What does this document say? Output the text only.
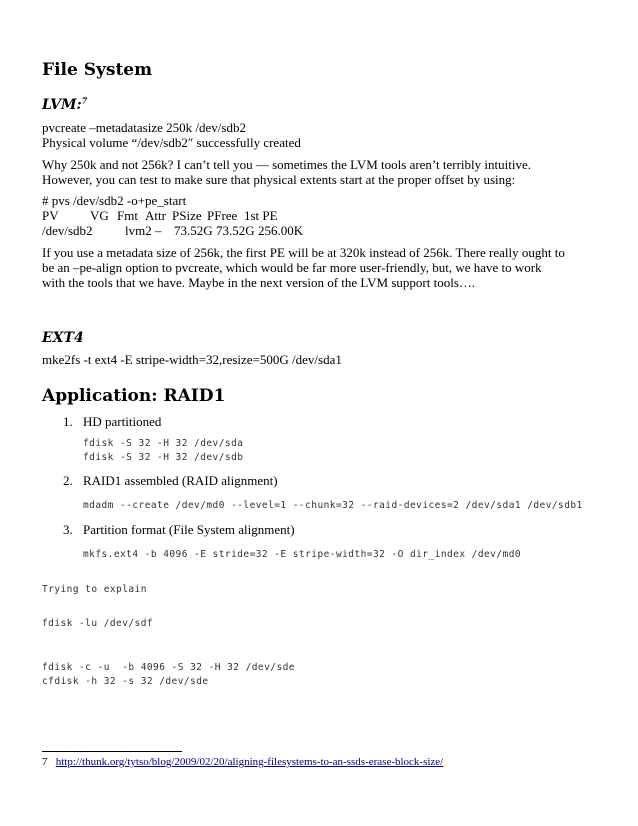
File System
LVM:$^7$
pvcreate –metadatasize 250k /dev/sdb2
Physical volume “/dev/sdb2″ successfully created
Why 250k and not 256k? I can’t tell you — sometimes the LVM tools aren’t terribly intuitive.
However, you can test to make sure that physical extents start at the proper offset by using:
# pvs /dev/sdb2 -o+pe_start
PV VG Fmt Attr PSize PFree 1st PE
/dev/sdb2 lvm2 – 73.52G 73.52G 256.00K
If you use a metadata size of 256k, the first PE will be at 320k instead of 256k. There really ought to
be an –pe-align option to pvcreate, which would be far more user-friendly, but, we have to work
with the tools that we have. Maybe in the next version of the LVM support tools….
EXT4
mke2fs -t ext4 -E stripe-width=32,resize=500G /dev/sda1
Application: RAID1
1. HD partitioned
fdisk -S 32 -H 32 /dev/sda
fdisk -S 32 -H 32 /dev/sdb
2. RAID1 assembled (RAID alignment)
mdadm --create /dev/md0 --level=1 --chunk=32 --raid-devices=2 /dev/sda1 /dev/sdb1
3. Partition format (File System alignment)
mkfs.ext4 -b 4096 -E stride=32 -E stripe-width=32 -O dir_index /dev/md0
Trying to explain
fdisk -lu /dev/sdf
fdisk -c -u  -b 4096 -S 32 -H 32 /dev/sde
cfdisk -h 32 -s 32 /dev/sde
7 http://thunk.org/tytso/blog/2009/02/20/aligning-filesystems-to-an-ssds-erase-block-size/
